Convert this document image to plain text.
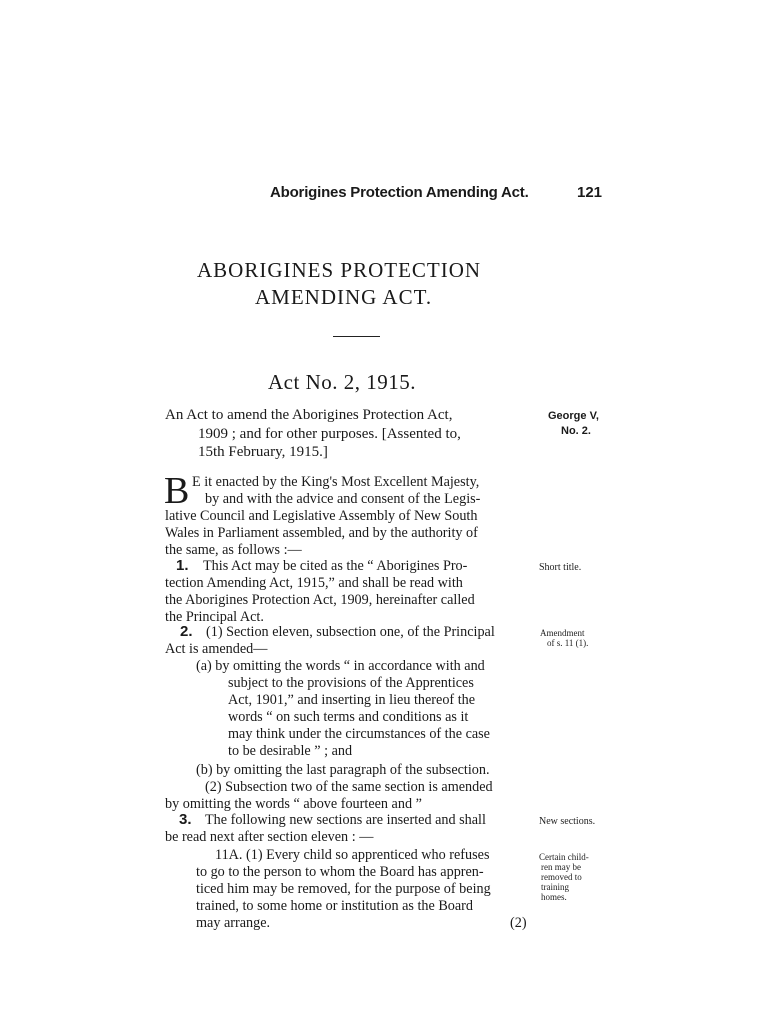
Aborigines Protection Amending Act.	121
ABORIGINES PROTECTION
AMENDING ACT.
Act No. 2, 1915.
An Act to amend the Aborigines Protection Act,
1909 ; and for other purposes. [Assented to,
15th February, 1915.]
George V,
No. 2.
B E it enacted by the King's Most Excellent Majesty,
by and with the advice and consent of the Legis-
lative Council and Legislative Assembly of New South
Wales in Parliament assembled, and by the authority of
the same, as follows :—
1. This Act may be cited as the “ Aborigines Pro-
tection Amending Act, 1915,” and shall be read with
the Aborigines Protection Act, 1909, hereinafter called
the Principal Act.
Short title.
2. (1) Section eleven, subsection one, of the Principal
Act is amended—
Amendment
of s. 11 (1).
(a) by omitting the words “ in accordance with and
subject to the provisions of the Apprentices
Act, 1901,” and inserting in lieu thereof the
words “ on such terms and conditions as it
may think under the circumstances of the case
to be desirable ” ; and
(b) by omitting the last paragraph of the subsection.
(2) Subsection two of the same section is amended
by omitting the words “ above fourteen and ”
3. The following new sections are inserted and shall
be read next after section eleven : —
New sections.
11A. (1) Every child so apprenticed who refuses
to go to the person to whom the Board has appren-
ticed him may be removed, for the purpose of being
trained, to some home or institution as the Board
may arrange.	(2)
Certain child-
ren may be
removed to
training
homes.
